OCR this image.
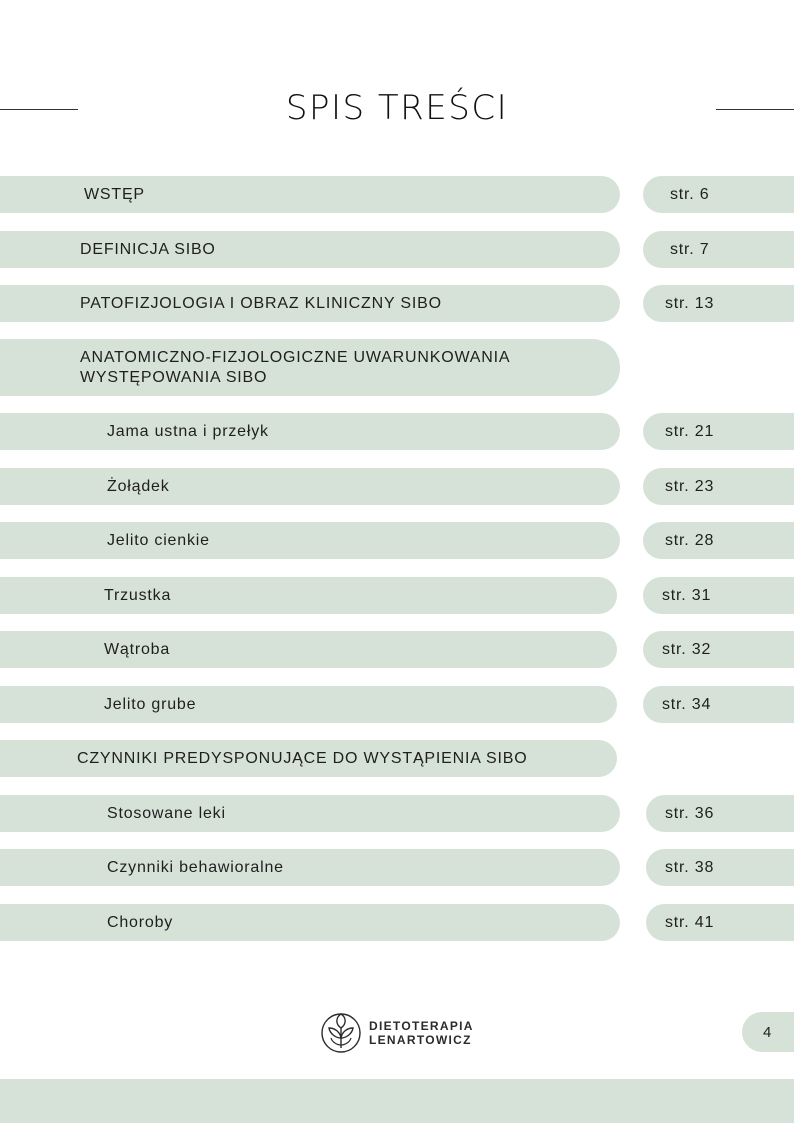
SPIS TREŚCI
WSTĘP	str. 6
DEFINICJA SIBO	str. 7
PATOFIZJOLOGIA I OBRAZ KLINICZNY SIBO	str. 13
ANATOMICZNO-FIZJOLOGICZNE UWARUNKOWANIA
WYSTĘPOWANIA SIBO
Jama ustna i przełyk	str. 21
Żołądek	str. 23
Jelito cienkie	str. 28
Trzustka	str. 31
Wątroba	str. 32
Jelito grube	str. 34
CZYNNIKI PREDYSPONUJĄCE DO WYSTĄPIENIA SIBO
Stosowane leki	str. 36
Czynniki behawioralne	str. 38
Choroby	str. 41
DIETOTERAPIA
LENARTOWICZ	4
